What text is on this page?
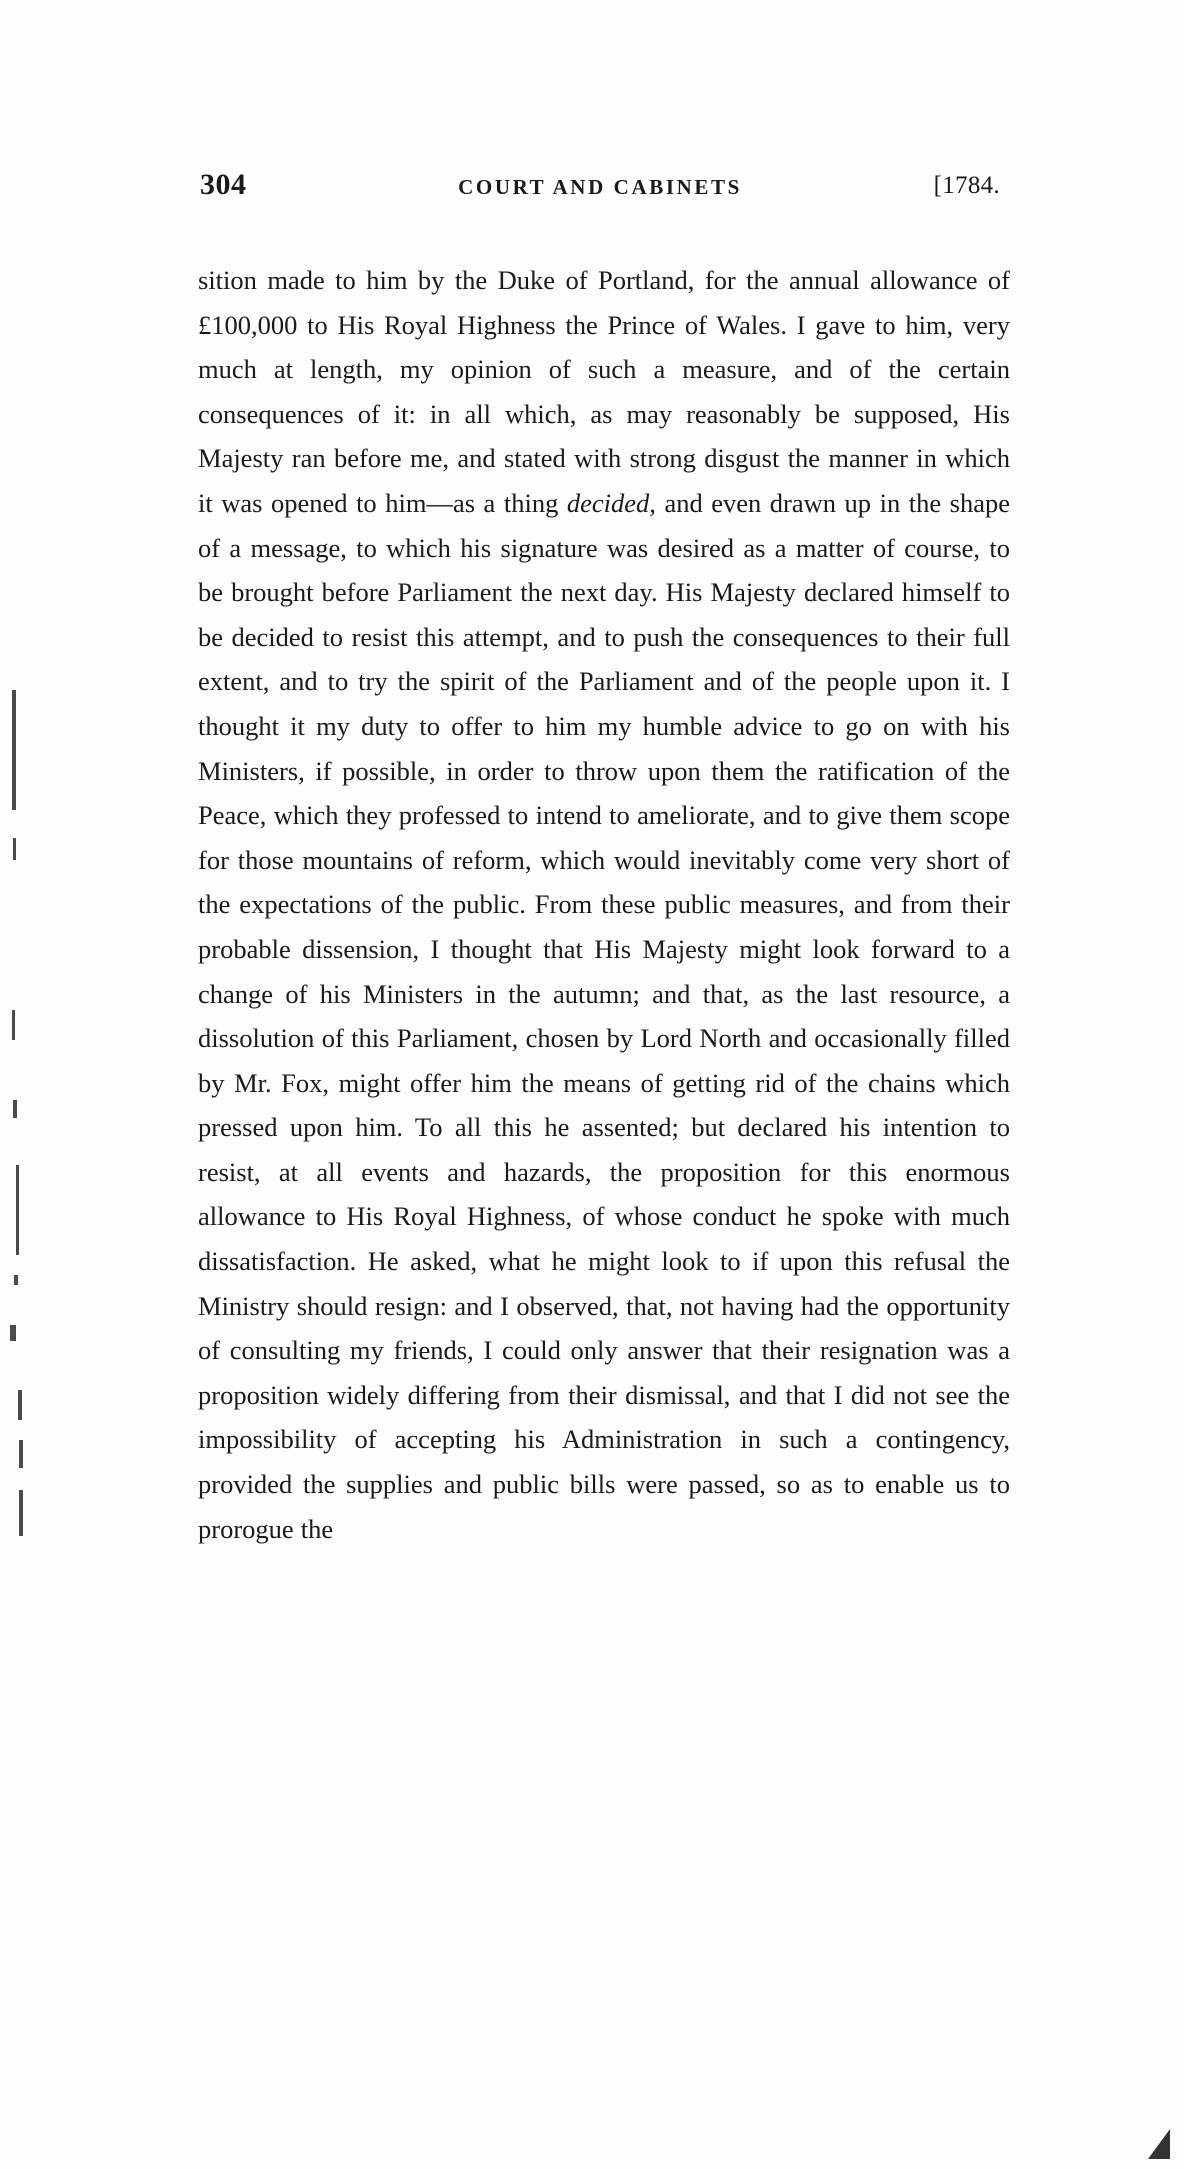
304	COURT AND CABINETS	[1784.

sition made to him by the Duke of Portland, for the annual allowance of £100,000 to His Royal Highness the Prince of Wales. I gave to him, very much at length, my opinion of such a measure, and of the certain consequences of it: in all which, as may reasonably be supposed, His Majesty ran before me, and stated with strong disgust the manner in which it was opened to him—as a thing decided, and even drawn up in the shape of a message, to which his signature was desired as a matter of course, to be brought before Parliament the next day. His Majesty declared himself to be decided to resist this attempt, and to push the consequences to their full extent, and to try the spirit of the Parliament and of the people upon it. I thought it my duty to offer to him my humble advice to go on with his Ministers, if possible, in order to throw upon them the ratification of the Peace, which they professed to intend to ameliorate, and to give them scope for those mountains of reform, which would inevitably come very short of the expectations of the public. From these public measures, and from their probable dissension, I thought that His Majesty might look forward to a change of his Ministers in the autumn; and that, as the last resource, a dissolution of this Parliament, chosen by Lord North and occasionally filled by Mr. Fox, might offer him the means of getting rid of the chains which pressed upon him. To all this he assented; but declared his intention to resist, at all events and hazards, the proposition for this enormous allowance to His Royal Highness, of whose conduct he spoke with much dissatisfaction. He asked, what he might look to if upon this refusal the Ministry should resign: and I observed, that, not having had the opportunity of consulting my friends, I could only answer that their resignation was a proposition widely differing from their dismissal, and that I did not see the impossibility of accepting his Administration in such a contingency, provided the supplies and public bills were passed, so as to enable us to prorogue the
